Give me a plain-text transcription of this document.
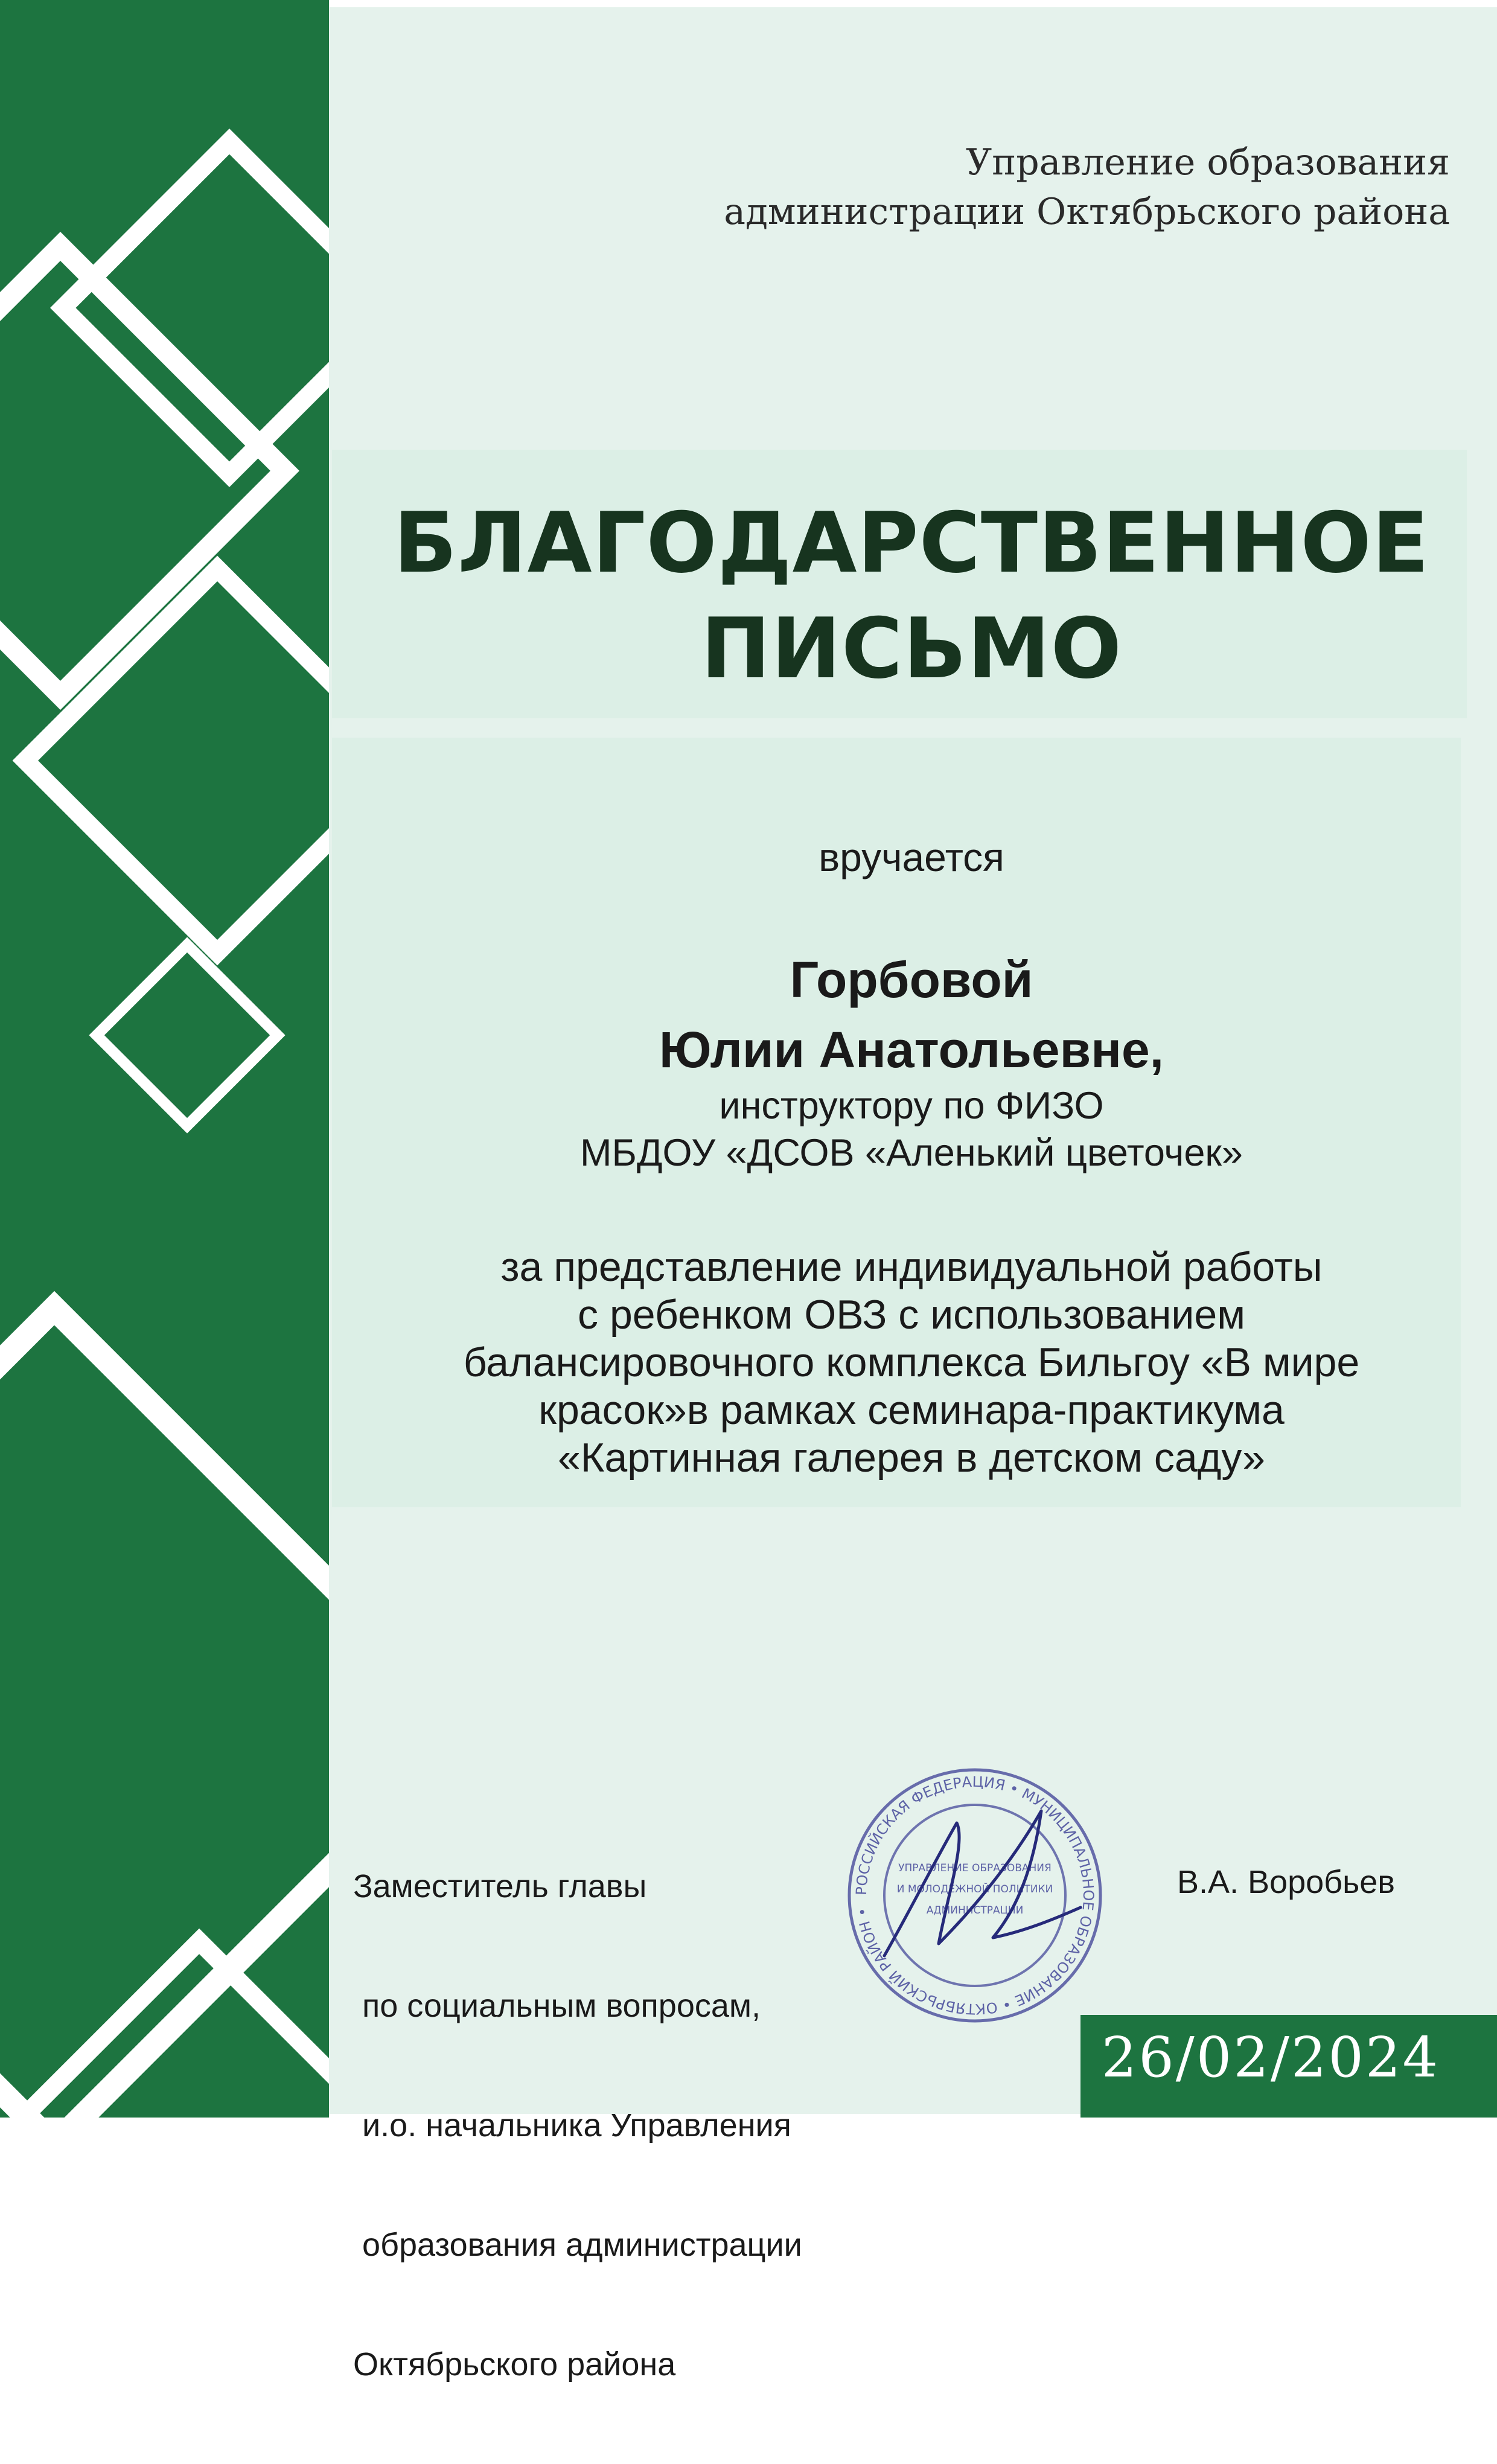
Управление образования
администрации Октябрьского района
БЛАГОДАРСТВЕННОЕ
ПИСЬМО
вручается
Горбовой
Юлии Анатольевне,
инструктору по ФИЗО
МБДОУ «ДСОВ «Аленький цветочек»
за представление индивидуальной работы
с ребенком ОВЗ с использованием
балансировочного комплекса Бильгоу «В мире
красок»в рамках семинара-практикума
«Картинная галерея в детском саду»

Заместитель главы

по социальным вопросам,

и.о. начальника Управления

образования администрации

Октябрьского района

РОССИЙСКАЯ ФЕДЕРАЦИЯ • МУНИЦИПАЛЬНОЕ ОБРАЗОВАНИЕ • ОКТЯБРЬСКИЙ РАЙОН •
УПРАВЛЕНИЕ ОБРАЗОВАНИЯ
И МОЛОДЁЖНОЙ ПОЛИТИКИ
АДМИНИСТРАЦИИ
В.А. Воробьев
26/02/2024
